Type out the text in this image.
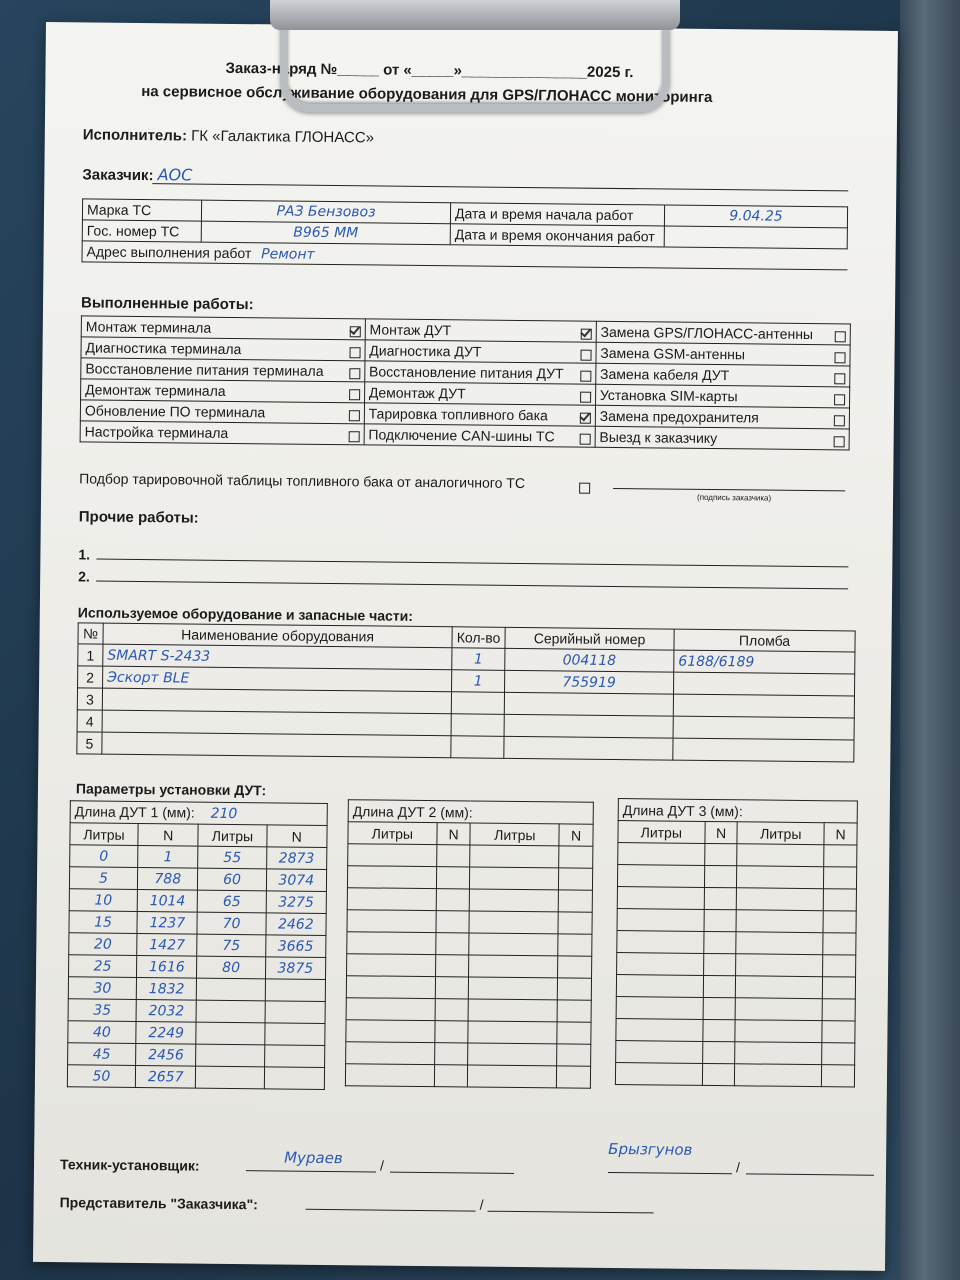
Заказ-наряд №_____ от «_____»_______________2025 г.
на сервисное обслуживание оборудования для GPS/ГЛОНАСС мониторинга
Исполнитель: ГК «Галактика ГЛОНАСС»
Заказчик: АОС
Марка ТС	РАЗ Бензовоз	Дата и время начала работ	9.04.25
Гос. номер ТС	В965 ММ	Дата и время окончания работ	
Адрес выполнения работ Ремонт			
Выполненные работы:
Монтаж терминала	Монтаж ДУТ	Замена GPS/ГЛОНАСС-антенны

Диагностика терминала	Диагностика ДУТ	Замена GSM-антенны

Восстановление питания терминала	Восстановление питания ДУТ	Замена кабеля ДУТ

Демонтаж терминала	Демонтаж ДУТ	Установка SIM-карты

Обновление ПО терминала	Тарировка топливного бака	Замена предохранителя

Настройка терминала	Подключение CAN-шины ТС	Выезд к заказчику
Подбор тарировочной таблицы топливного бака от аналогичного ТС
(подпись заказчика)
Прочие работы:
1.
2.
Используемое оборудование и запасные части:
№	Наименование оборудования	Кол-во	Серийный номер	Пломба
1	SMART S-2433	1	004118	6188/6189
2	Эскорт BLE	1	755919	
3				
4				
5				
Параметры установки ДУТ:
Длина ДУТ 1 (мм): 210			
Литры	N	Литры	N
0	1	55	2873
5	788	60	3074
10	1014	65	3275
15	1237	70	2462
20	1427	75	3665
25	1616	80	3875
30	1832		
35	2032		
40	2249		
45	2456		
50	2657		
Длина ДУТ 2 (мм):			
Литры	N	Литры	N

Длина ДУТ 3 (мм):			
Литры	N	Литры	N

Техник-установщик:	Мураев	/
Брызгунов
/
Представитель "Заказчика":	/
